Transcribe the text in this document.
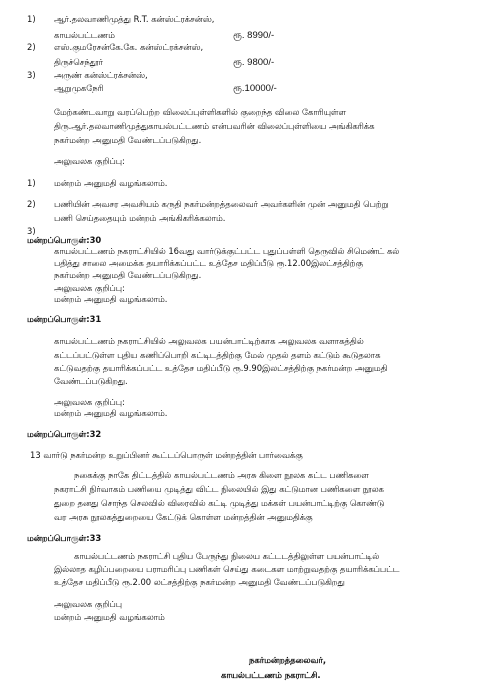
1) ஆர்.தலவாணிமுத்து R.T. கன்ஸ்ட்ரக்சன்ஸ்,
காயல்பட்டணம்	ரூ. 8990/-
2) எஸ்.குமரேசன்கே.கே. கன்ஸ்ட்ரக்சன்ஸ்,
திருச்செந்தூர்	ரூ. 9800/-
3) அருண் கன்ஸ்ட்ரக்சன்ஸ்,
ஆறுமுகநேரி	ரூ.10000/-
மேற்கண்டவாறு வரப்பெற்ற விலைப்புள்ளிகளில் குறைந்த விலை கோரியுள்ள
திரு.ஆர்.தலவாணிமுத்துகாயல்பட்டணம் என்பவரின் விலைப்புள்ளியை அங்கிகரிக்க
நகர்மன்ற அனுமதி வேண்டப்படுகிறது.
அலுவலக குறிப்பு:
1) மன்றம் அனுமதி வழங்கலாம்.
2) பணியின் அவசர அவசியம் கருதி நகர்மன்றத்தலைவர் அவர்களின் முன் அனுமதி பெற்று
பணி செய்ததையும் மன்றம் அங்கிகரிக்கலாம்.
3)
மன்றப்பொருள்:30
காயல்பட்டணம் நகராட்சியில் 16வது வார்டுக்குட்பட்ட புதுப்பள்ளி தெருவில் சிமெண்ட் கல்
பதித்து சாலை அமைக்க தயாரிக்கப்பட்ட உத்தேச மதிப்பீடு ரூ.12.00இலட்சத்திற்கு
நகர்மன்ற அனுமதி வேண்டப்படுகிறது.
அலுவலக குறிப்பு:
மன்றம் அனுமதி வழங்கலாம்.
மன்றப்பொருள்:31
காயல்பட்டணம் நகராட்சியில் அலுவலக பயன்பாட்டிற்காக அலுவலக வளாகத்தில்
கட்டப்பட்டுள்ள புதிய கணிப்பொறி கட்டிடத்திற்கு மேல் முதல் தளம் கட்டும் கூடுதலாக
கட்டுவதற்கு தயாரிக்கப்பட்ட உத்தேச மதிப்பீடு ரூ.9.90இலட்சத்திற்கு நகர்மன்ற அனுமதி
வேண்டப்படுகிறது.
அலுவலக குறிப்பு:
மன்றம் அனுமதி வழங்கலாம்.
மன்றப்பொருள்:32
13 வார்டு நகர்மன்ற உறுப்பினர் கூட்டப்பொருள் மன்றத்தின் பார்வைக்கு
நகைக்கு நாகே திட்டத்தில் காயல்பட்டணம் அரசு கிளை நூலக கட்ட பணிகளை
நகராட்சி நிர்வாகம் பணியை முடித்து விட்ட நிலையில் இது கட்டுமான பணிகளை நூலக
துறை தனது சொந்த செலவில் விரைவில் கட்டி முடித்து மக்கள் பயன்பாட்டிற்கு கொண்டு
வர அரசு நூலகத்துறையை கேட்டுக் கொள்ள மன்றத்தின் அனுமதிக்கு
மன்றப்பொருள்:33
காயல்பட்டணம் நகராட்சி புதிய பேருந்து நிலைய கட்டடத்திலுள்ள பயன்பாட்டில்
இல்லாத கழிப்பறையை பராமரிப்பு பணிகள் செய்து கடைகள மாற்றுவதற்கு தயாரிக்கப்பட்ட
உத்தேச மதிப்பீடு ரூ.2.00 லட்சத்திற்கு நகர்மன்ற அனுமதி வேண்டப்படுகிறது
அலுவலக குறிப்பு
மன்றம் அனுமதி வழங்கலாம்
நகர்மன்றத்தலைவர்,
காயல்பட்டணம் நகராட்சி.
